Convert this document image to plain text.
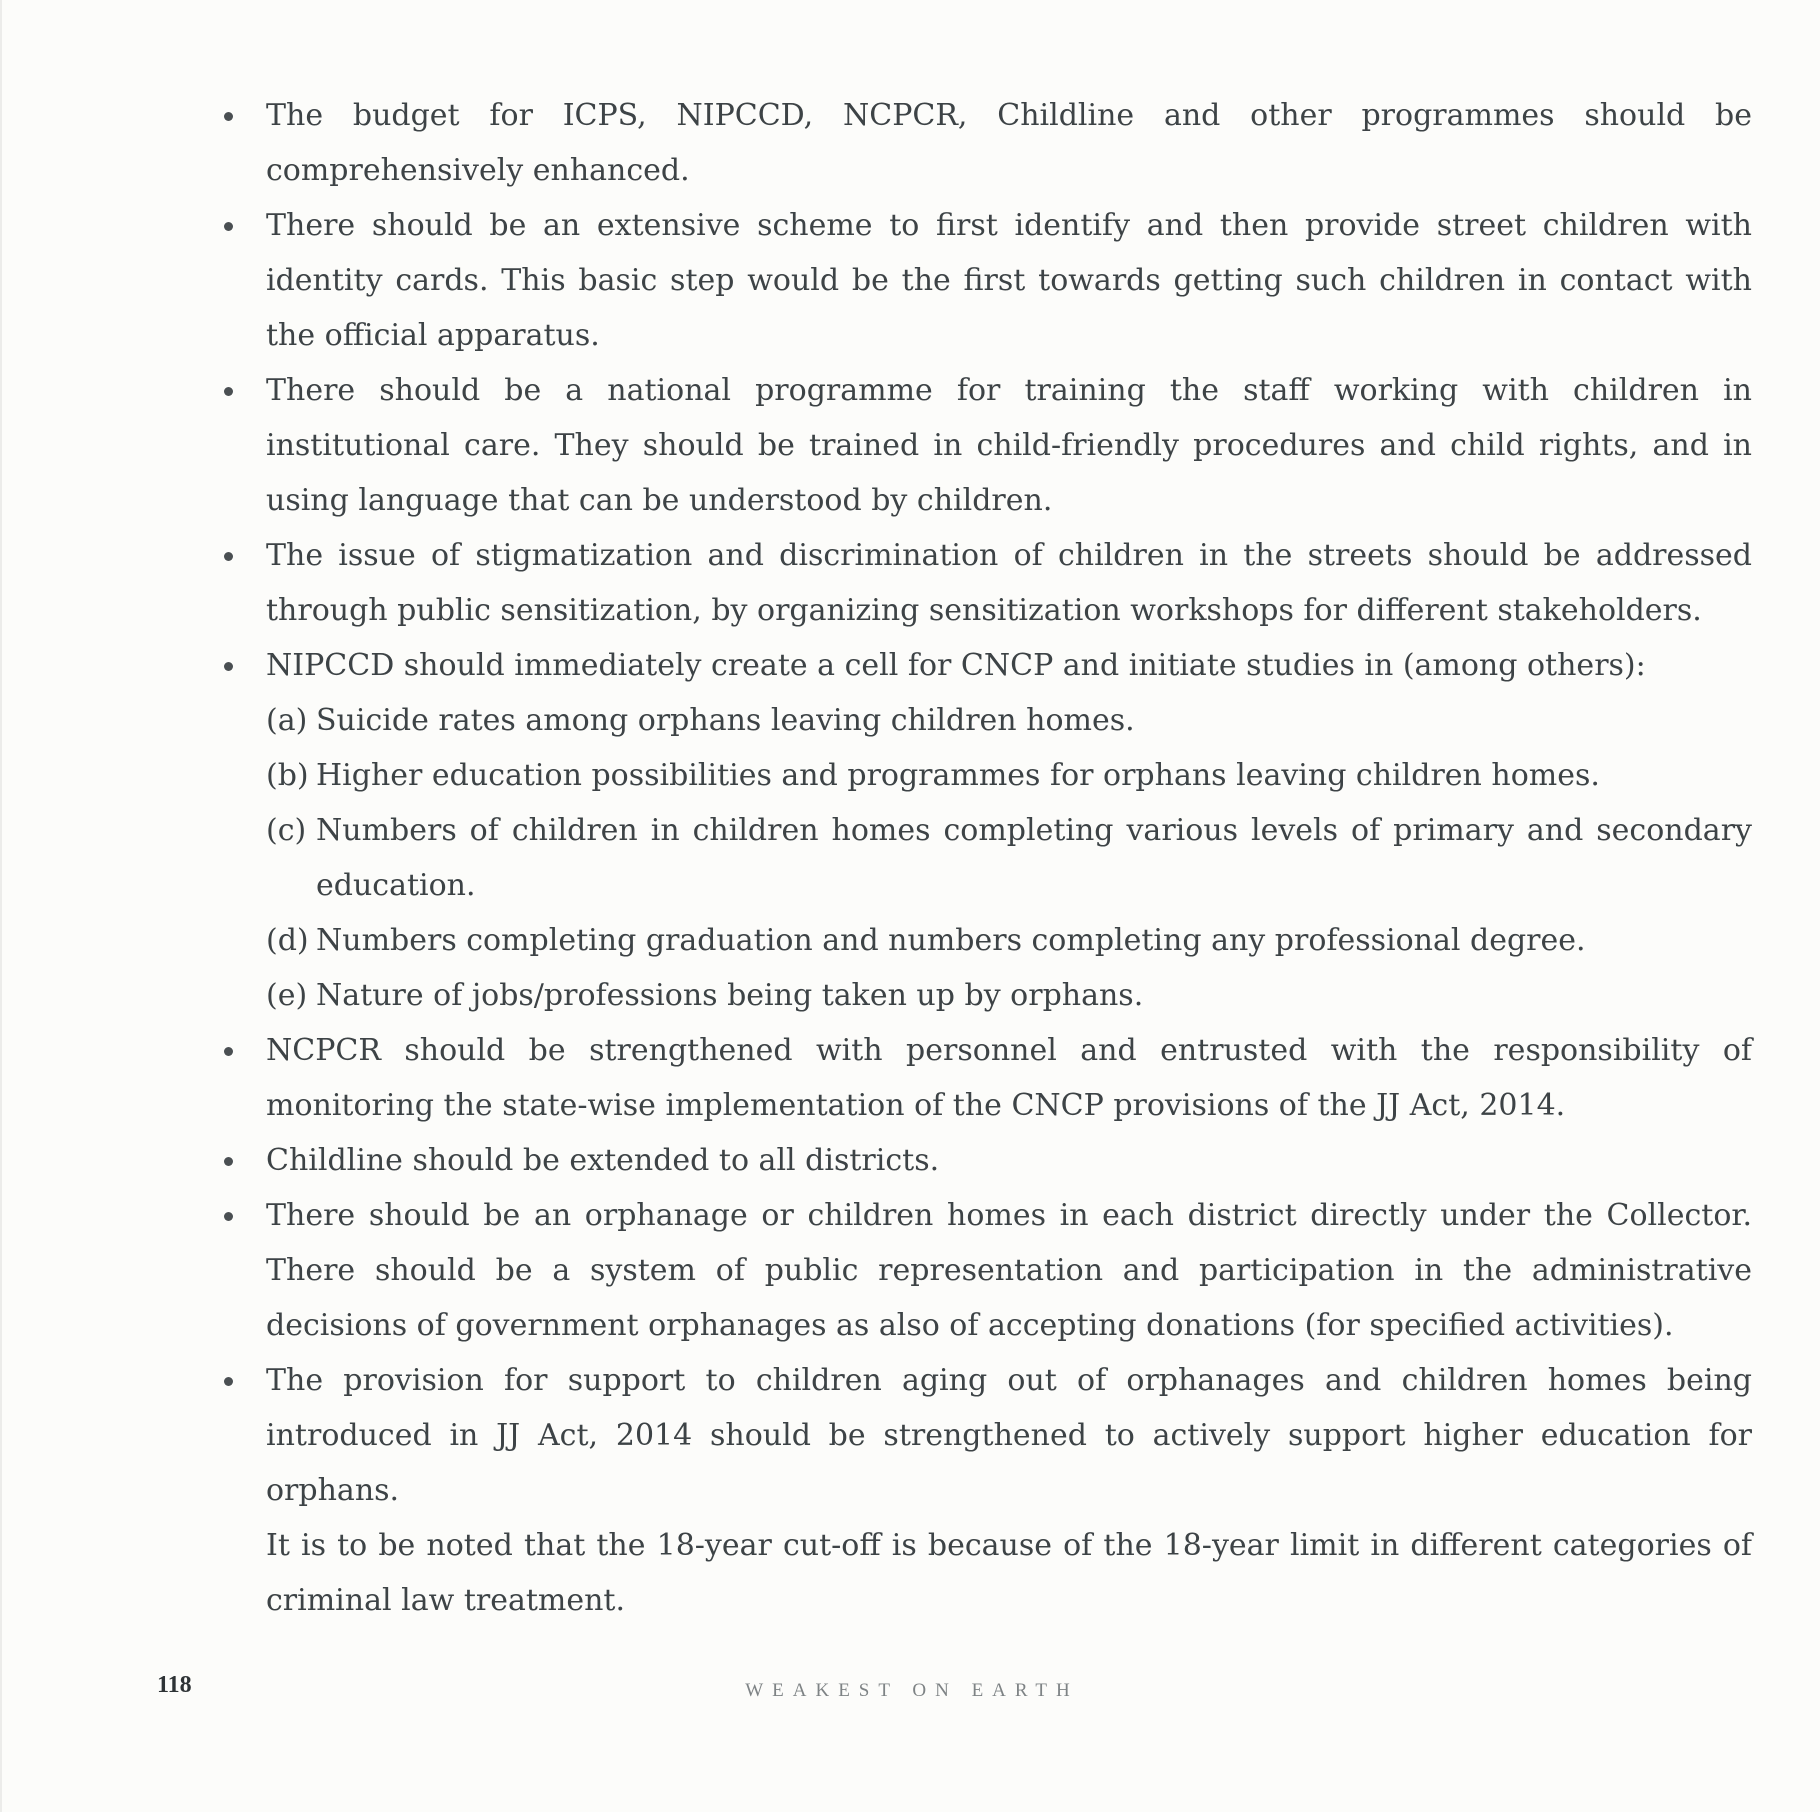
The budget for ICPS, NIPCCD, NCPCR, Childline and other programmes should be comprehensively enhanced.
There should be an extensive scheme to first identify and then provide street children with identity cards. This basic step would be the first towards getting such children in contact with the official apparatus.
There should be a national programme for training the staff working with children in institutional care. They should be trained in child-friendly procedures and child rights, and in using language that can be understood by children.
The issue of stigmatization and discrimination of children in the streets should be addressed through public sensitization, by organizing sensitization workshops for different stakeholders.
NIPCCD should immediately create a cell for CNCP and initiate studies in (among others):
(a) Suicide rates among orphans leaving children homes.
(b) Higher education possibilities and programmes for orphans leaving children homes.
(c) Numbers of children in children homes completing various levels of primary and secondary education.
(d) Numbers completing graduation and numbers completing any professional degree.
(e) Nature of jobs/professions being taken up by orphans.
NCPCR should be strengthened with personnel and entrusted with the responsibility of monitoring the state-wise implementation of the CNCP provisions of the JJ Act, 2014.
Childline should be extended to all districts.
There should be an orphanage or children homes in each district directly under the Collector. There should be a system of public representation and participation in the administrative decisions of government orphanages as also of accepting donations (for specified activities).
The provision for support to children aging out of orphanages and children homes being introduced in JJ Act, 2014 should be strengthened to actively support higher education for orphans.

It is to be noted that the 18-year cut-off is because of the 18-year limit in different categories of criminal law treatment.

118	WEAKEST ON EARTH
